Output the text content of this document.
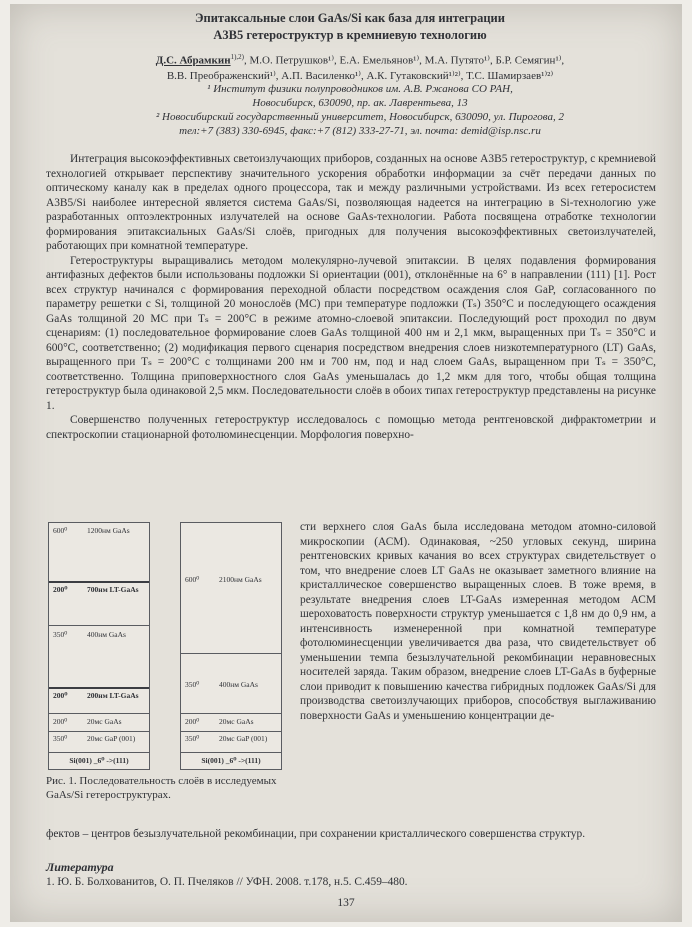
Эпитаксальные слои GaAs/Si как база для интеграции
A3B5 гетероструктур в кремниевую технологию
Д.С. Абрамкин$^{1),2)}$, М.О. Петрушков¹⁾, Е.А. Емельянов¹⁾, М.А. Путято¹⁾, Б.Р. Семягин¹⁾,
В.В. Преображенский¹⁾, А.П. Василенко¹⁾, А.К. Гутаковский¹⁾²⁾, Т.С. Шамирзаев¹⁾²⁾
¹ Институт физики полупроводников им. А.В. Ржанова СО РАН,
Новосибирск, 630090, пр. ак. Лаврентьева, 13
² Новосибирский государственный университет, Новосибирск, 630090, ул. Пирогова, 2
тел:+7 (383) 330-6945, факс:+7 (812) 333-27-71, эл. почта: demid@isp.nsc.ru

Интеграция высокоэффективных светоизлучающих приборов, созданных на основе A3B5 гетероструктур, с кремниевой технологией открывает перспективу значительного ускорения обработки информации за счёт передачи данных по оптическому каналу как в пределах одного процессора, так и между различными устройствами. Из всех гетеросистем A3B5/Si наиболее интересной является система GaAs/Si, позволяющая надеется на интеграцию в Si-технологию уже разработанных оптоэлектронных излучателей на основе GaAs-технологии. Работа посвящена отработке технологии формирования эпитаксиальных GaAs/Si слоёв, пригодных для получения высокоэффективных светоизлучателей, работающих при комнатной температуре.

Гетероструктуры выращивались методом молекулярно-лучевой эпитаксии. В целях подавления формирования антифазных дефектов были использованы подложки Si ориентации (001), отклонённые на 6° в направлении (111) [1]. Рост всех структур начинался с формирования переходной области посредством осаждения слоя GaP, согласованного по параметру решетки с Si, толщиной 20 монослоёв (МС) при температуре подложки (Tₛ) 350°C и последующего осаждения GaAs толщиной 20 МС при Tₛ = 200°C в режиме атомно-слоевой эпитаксии. Последующий рост проходил по двум сценариям: (1) последовательное формирование слоев GaAs толщиной 400 нм и 2,1 мкм, выращенных при Tₛ = 350°C и 600°C, соответственно; (2) модификация первого сценария посредством внедрения слоев низкотемпературного (LT) GaAs, выращенного при Tₛ = 200°C с толщинами 200 нм и 700 нм, под и над слоем GaAs, выращенном при Tₛ = 350°C, соответственно. Толщина приповерхностного слоя GaAs уменьшалась до 1,2 мкм для того, чтобы общая толщина гетероструктур была одинаковой 2,5 мкм. Последовательности слоёв в обоих типах гетероструктур представлены на рисунке 1.

Совершенство полученных гетероструктур исследовалось с помощью метода рентгеновской дифрактометрии и спектроскопии стационарной фотолюминесценции. Морфология поверхно-

600⁰	1200нм GaAs
200⁰	700нм LT-GaAs
350⁰	400нм GaAs
200⁰	200нм LT-GaAs
200⁰	20мс GaAs
350⁰	20мс GaP (001)
Si(001) _6⁰ ->(111)
600⁰	2100нм GaAs
350⁰	400нм GaAs
200⁰	20мс GaAs
350⁰	20мс GaP (001)
Si(001) _6⁰ ->(111)
Рис. 1. Последовательность слоёв в исследуемых GaAs/Si гетероструктурах.
сти верхнего слоя GaAs была исследована методом атомно-силовой микроскопии (АСМ). Одинаковая, ~250 угловых секунд, ширина рентгеновских кривых качания во всех структурах свидетельствует о том, что внедрение слоев LT GaAs не оказывает заметного влияние на кристаллическое совершенство выращенных слоев. В тоже время, в результате внедрения слоев LT-GaAs измеренная методом АСМ шероховатость поверхности структур уменьшается с 1,8 нм до 0,9 нм, а интенсивность изменеренной при комнатной температуре фотолюминесценции увеличивается два раза, что свидетельствует об уменьшении темпа безызлучательной рекомбинации неравновесных носителей заряда. Таким образом, внедрение слоев LT-GaAs в буферные слои приводит к повышению качества гибридных подложек GaAs/Si для производства светоизлучающих приборов, способствуя выглаживанию поверхности GaAs и уменьшению концентрации де-
фектов – центров безызлучательной рекомбинации, при сохранении кристаллического совершенства структур.
Литература
1. Ю. Б. Болхованитов, О. П. Пчеляков // УФН. 2008. т.178, н.5. С.459–480.
137
